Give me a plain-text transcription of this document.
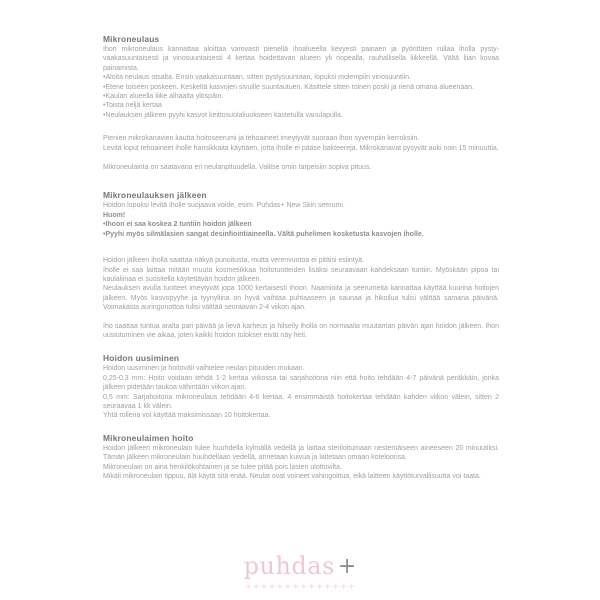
Mikroneulaus
Ihon mikroneulaus kannattaa aloittaa varovasti pienellä ihoalueella kevyesti painaen ja pyörittäen rullaa iholla pysty-vaakasuuntaisesti ja vinosuuntaisesti 4 kertaa hoidettavan alueen yli nopealla, rauhallisella liikkeellä. Vältä liian kovaa painamista.
• Aloita neulaus otsalta. Ensin vaakasuuntaan, sitten pystysuuntaan, lopuksi molempiin vinosuuntiin.
• Etene toiseen poskeen. Keskeltä kasvojen sivuille suuntautuen. Käsittele sitten toinen poski ja nenä omana alueenaan.
• Kaulan alueella liike alhaalta ylöspäin.
• Toista neljä kertaa
• Neulauksen jälkeen pyyhi kasvot keittosuolaliuokseen kastetulla vanulapulla.
Pienien mikrokanavien kautta hoitoseerumi ja tehoaineet imeytyvät suoraan ihon syvempiin kerroksiin.
Levitä loput tehoaineet iholle hansikkaita käyttäen, jotta iholle ei pääse bakteereja. Mikrokanavat pysyvät auki noin 15 minuuttia.
Mikroneulainta on saatavana eri neulanpituudella. Valitse omin tarpeisiin sopiva pituus.
Mikroneulauksen jälkeen
Hoidon lopuksi levitä iholle suojaava voide, esim. Puhdas+ New Skin seerumi.
Huom!
• Ihoon ei saa koskea 2 tuntiin hoidon jälkeen
• Pyyhi myös silmälasien sangat desinfiointiaineella. Vältä puhelimen kosketusta kasvojen iholle.
Hoidon jälkeen iholla saattaa näkyä punoitusta, mutta verenvuotoa ei pitäisi esiintyä.
Iholle ei saa laittaa mitään muuta kosmetiikkaa hoitotuotteiden lisäksi seuraavaan kahdeksaan tuntiin. Myöskään pipoa tai kaulaliinaa ei suositella käytettävän hoidon jälkeen.
Neulauksen avulla tuotteet imeytyvät jopa 1000 kertaisesti ihoon. Naamioita ja seerumeita kannattaa käyttää kuurina hoitojen jälkeen. Myös kasvopyyhe ja tyynyliina on hyvä vaihtaa puhtaaseen ja saunaa ja hikoilua tulisi välttää samana päivänä. Voimakasta auringonottoa tulisi välttää seuraavan 2-4 viikon ajan.
Iho saattaa tuntua aralta pari päivää ja lievä karheus ja hilseily iholla on normaalia muutaman päivän ajan hoidon jälkeen. Ihon uusiutuminen vie aikaa, joten kaikki hoidon tulokset eivät näy heti.
Hoidon uusiminen
Hoidon uusiminen ja hoitoväli vaihtelee neulan pituuden mukaan.
0,25-0,3 mm: Hoito voidaan tehdä 1-2 kertaa viikossa tai sarjahoitona niin että hoito tehdään 4-7 päivänä peräkkäin, jonka jälkeen pidetään taukoa vähintään viikon ajan.
0,5 mm: Sarjahoitona mikroneulaus tehdään 4-6 kertaa. 4 ensimmäistä hoitokertaa tehdään kahden viikon välein, sitten 2 seuraavaa 1 kk välein.
Yhtä rolleria voi käyttää maksimissaan 10 hoitokertaa.
Mikroneulaimen hoito
Hoidon jälkeen mikroneulain tulee huuhdella kylmällä vedellä ja laittaa steriloitumaan nestemäiseen aineeseen 20 minuutiksi. Tämän jälkeen mikroneulain huuhdellaan vedellä, annetaan kuivua ja laitetaan omaan koteloonsa.
Mikroneulain on aina henkilökohtainen ja se tulee pitää pois lasten ulottuvilta.
Mikäli mikroneulain tippuu, älä käytä sitä enää. Neulat ovat voineet vahingoittua, eikä laitteen käyttöturvallisuutta voi taata.
puhdas +
++++++++++++++
